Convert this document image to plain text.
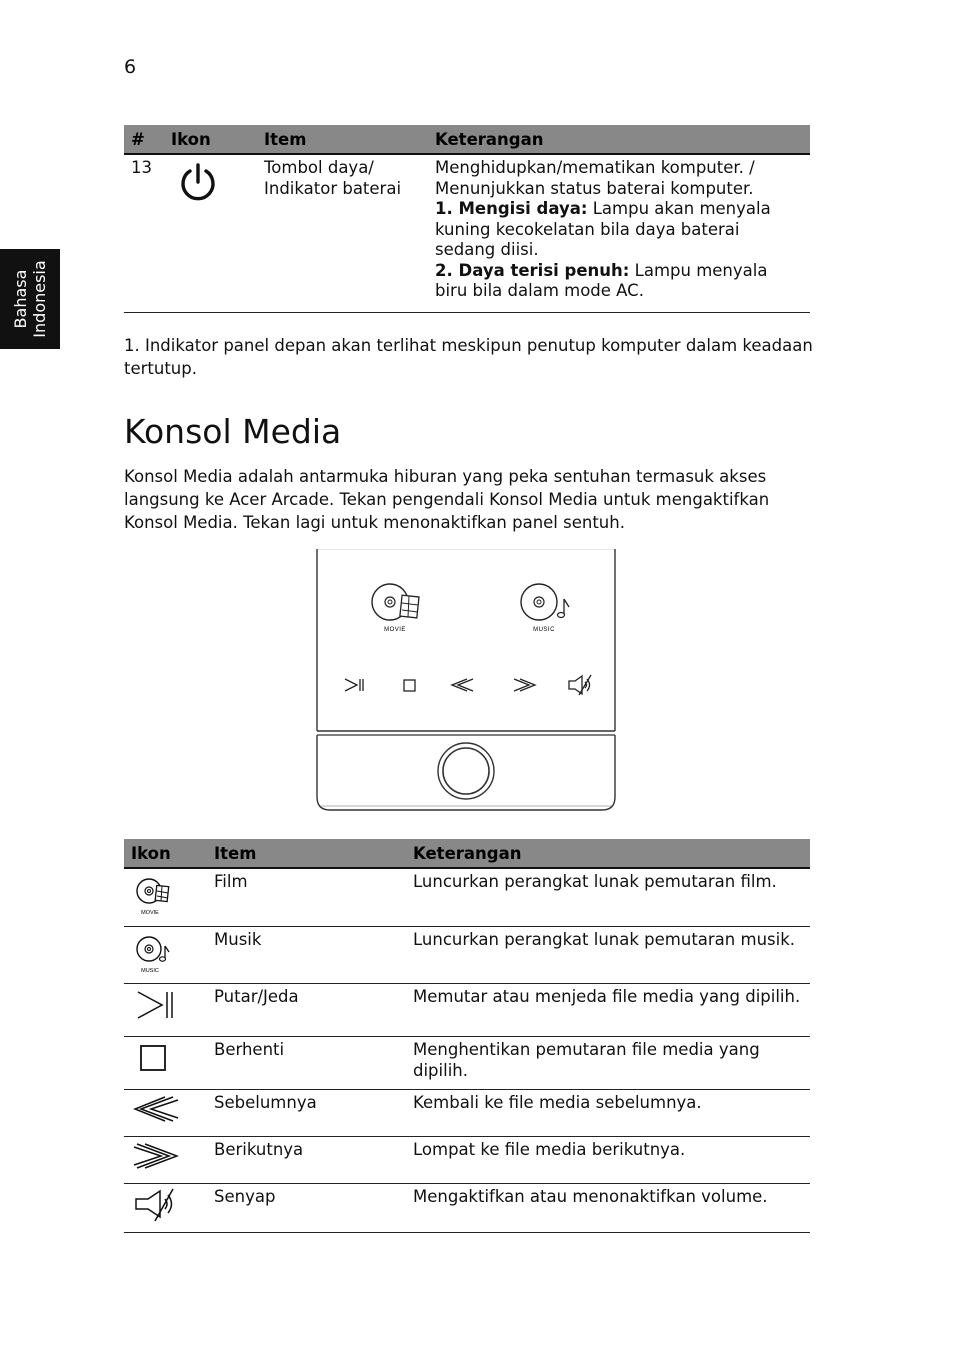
6
Bahasa
Indonesia
#	Ikon	Item	Keterangan
13		Tombol daya/ Indikator baterai	Menghidupkan/mematikan komputer. / Menunjukkan status baterai komputer.
1. Mengisi daya: Lampu akan menyala kuning kecokelatan bila daya baterai sedang diisi.
2. Daya terisi penuh: Lampu menyala biru bila dalam mode AC.
1. Indikator panel depan akan terlihat meskipun penutup komputer dalam keadaan tertutup.
Konsol Media
Konsol Media adalah antarmuka hiburan yang peka sentuhan termasuk akses langsung ke Acer Arcade. Tekan pengendali Konsol Media untuk mengaktifkan Konsol Media. Tekan lagi untuk menonaktifkan panel sentuh.
MOVIE	MUSIC
Ikon	Item	Keterangan

MOVIE	Film	Luncurkan perangkat lunak pemutaran film.

MUSIC	Musik	Luncurkan perangkat lunak pemutaran musik.
	Putar/Jeda	Memutar atau menjeda file media yang dipilih.
	Berhenti	Menghentikan pemutaran file media yang dipilih.
	Sebelumnya	Kembali ke file media sebelumnya.
	Berikutnya	Lompat ke file media berikutnya.
	Senyap	Mengaktifkan atau menonaktifkan volume.
